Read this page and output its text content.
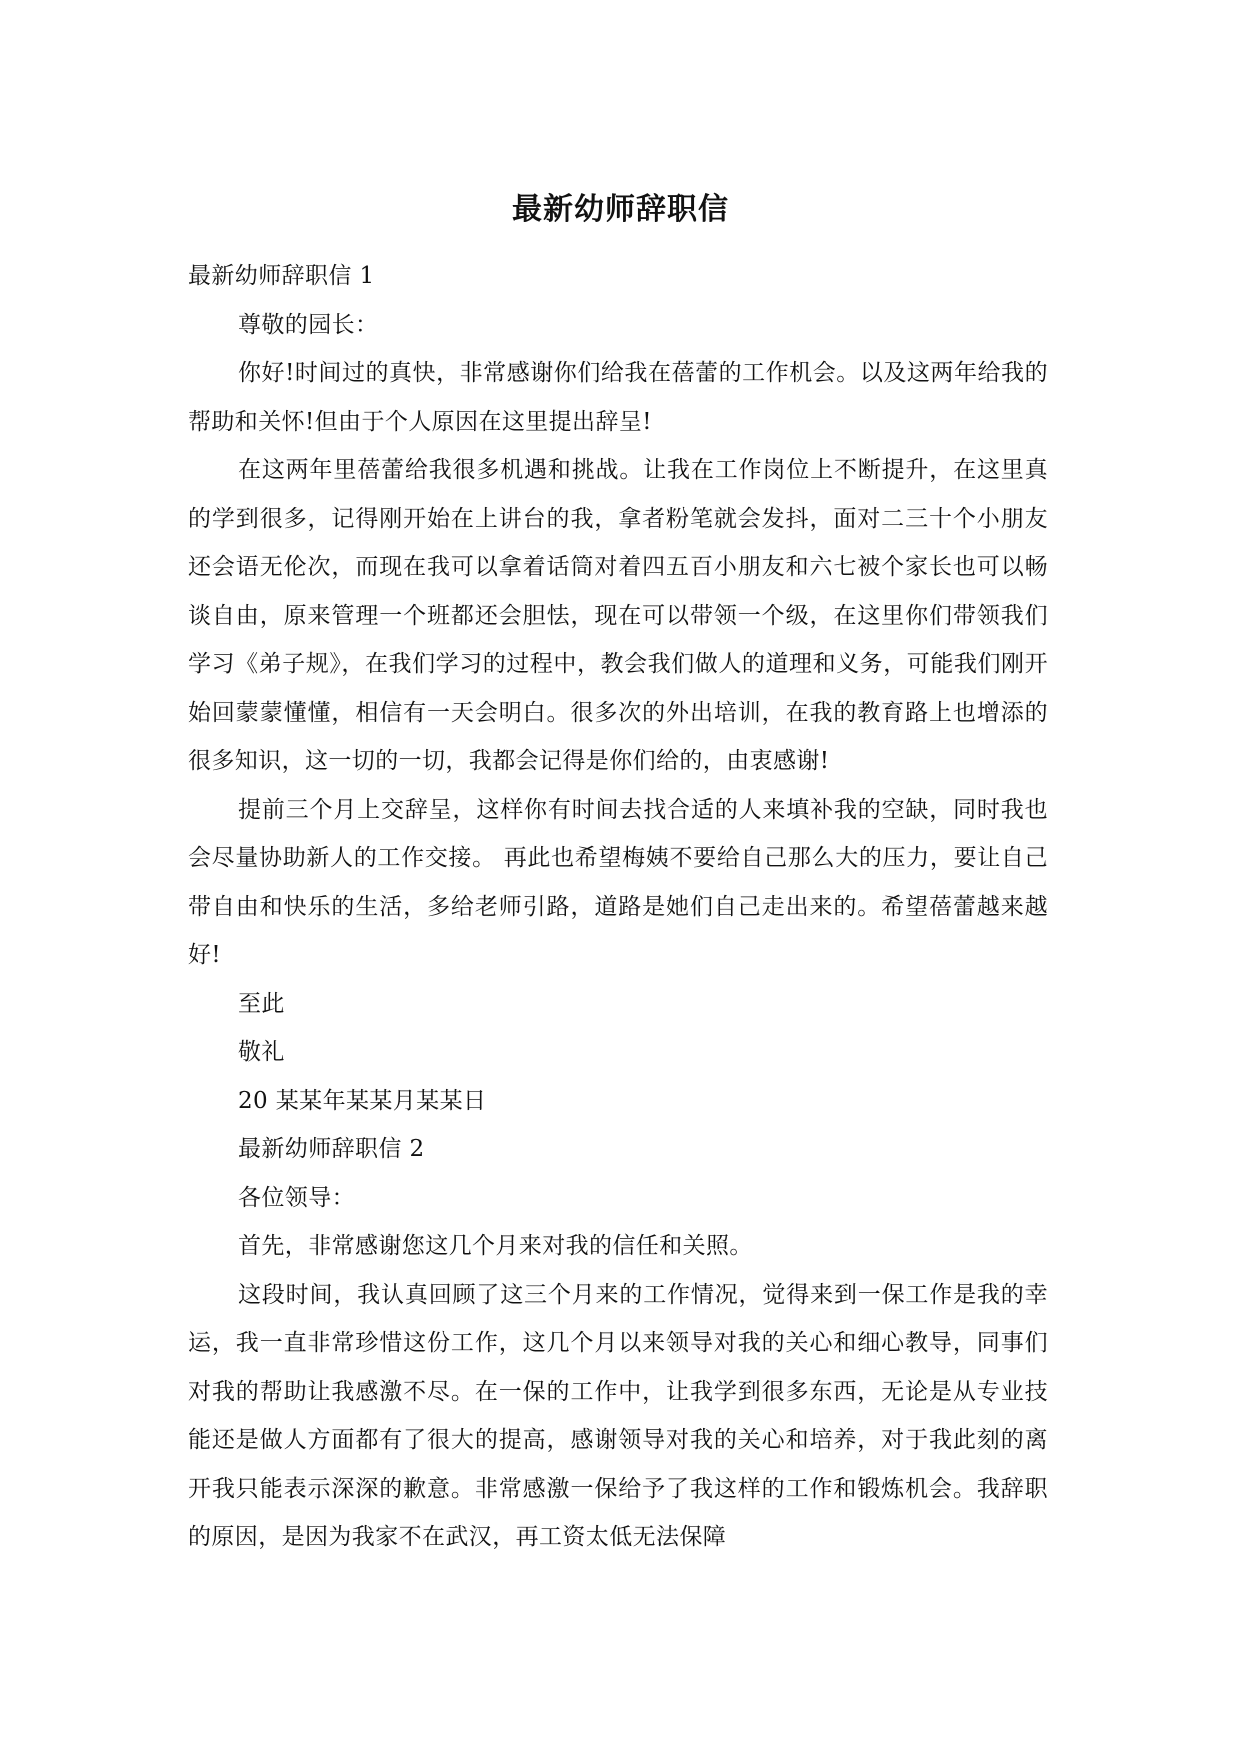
最新幼师辞职信

最新幼师辞职信 1

尊敬的园长：

你好!时间过的真快，非常感谢你们给我在蓓蕾的工作机会。以及这两年给我的帮助和关怀!但由于个人原因在这里提出辞呈!

在这两年里蓓蕾给我很多机遇和挑战。让我在工作岗位上不断提升，在这里真的学到很多，记得刚开始在上讲台的我，拿者粉笔就会发抖，面对二三十个小朋友还会语无伦次，而现在我可以拿着话筒对着四五百小朋友和六七被个家长也可以畅谈自由，原来管理一个班都还会胆怯，现在可以带领一个级，在这里你们带领我们学习《弟子规》，在我们学习的过程中，教会我们做人的道理和义务，可能我们刚开始回蒙蒙懂懂，相信有一天会明白。很多次的外出培训，在我的教育路上也增添的很多知识，这一切的一切，我都会记得是你们给的，由衷感谢!

提前三个月上交辞呈，这样你有时间去找合适的人来填补我的空缺，同时我也会尽量协助新人的工作交接。 再此也希望梅姨不要给自己那么大的压力，要让自己带自由和快乐的生活，多给老师引路，道路是她们自己走出来的。希望蓓蕾越来越好!

至此

敬礼

20 某某年某某月某某日

最新幼师辞职信 2

各位领导：

首先，非常感谢您这几个月来对我的信任和关照。

这段时间，我认真回顾了这三个月来的工作情况，觉得来到一保工作是我的幸运，我一直非常珍惜这份工作，这几个月以来领导对我的关心和细心教导，同事们对我的帮助让我感激不尽。在一保的工作中，让我学到很多东西，无论是从专业技能还是做人方面都有了很大的提高，感谢领导对我的关心和培养，对于我此刻的离开我只能表示深深的歉意。非常感激一保给予了我这样的工作和锻炼机会。我辞职的原因，是因为我家不在武汉，再工资太低无法保障
